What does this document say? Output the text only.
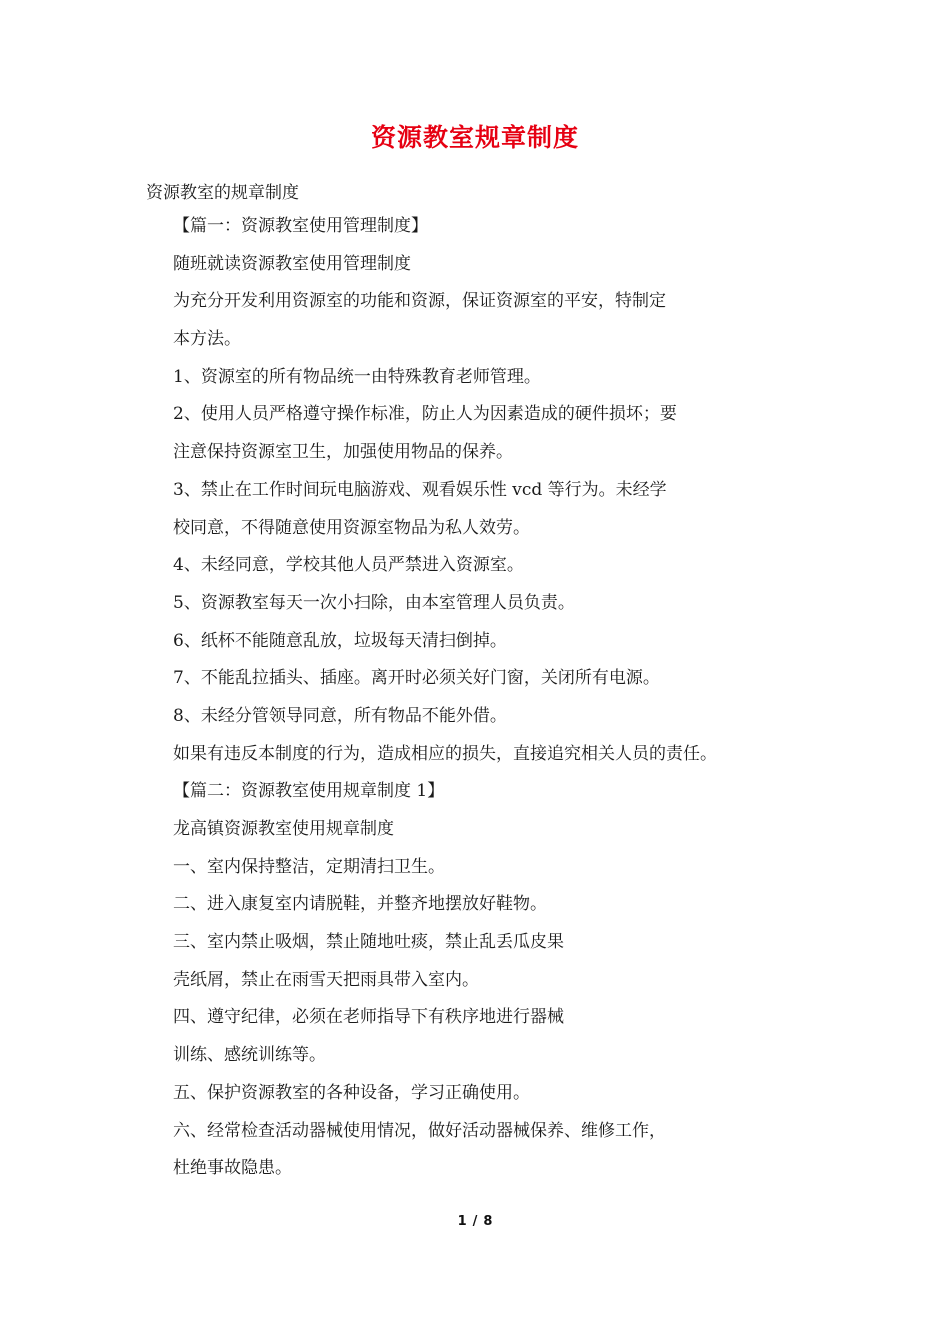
资源教室规章制度

资源教室的规章制度

【篇一：资源教室使用管理制度】
随班就读资源教室使用管理制度
为充分开发利用资源室的功能和资源，保证资源室的平安，特制定
本方法。
1、资源室的所有物品统一由特殊教育老师管理。
2、使用人员严格遵守操作标准，防止人为因素造成的硬件损坏；要
注意保持资源室卫生，加强使用物品的保养。
3、禁止在工作时间玩电脑游戏、观看娱乐性 vcd 等行为。未经学
校同意，不得随意使用资源室物品为私人效劳。
4、未经同意，学校其他人员严禁进入资源室。
5、资源教室每天一次小扫除，由本室管理人员负责。
6、纸杯不能随意乱放，垃圾每天清扫倒掉。
7、不能乱拉插头、插座。离开时必须关好门窗，关闭所有电源。
8、未经分管领导同意，所有物品不能外借。
如果有违反本制度的行为，造成相应的损失，直接追究相关人员的责任。
【篇二：资源教室使用规章制度 1】
龙高镇资源教室使用规章制度
一、室内保持整洁，定期清扫卫生。
二、进入康复室内请脱鞋，并整齐地摆放好鞋物。
三、室内禁止吸烟，禁止随地吐痰，禁止乱丢瓜皮果
壳纸屑，禁止在雨雪天把雨具带入室内。
四、遵守纪律，必须在老师指导下有秩序地进行器械
训练、感统训练等。
五、保护资源教室的各种设备，学习正确使用。
六、经常检查活动器械使用情况，做好活动器械保养、维修工作，
杜绝事故隐患。
1 / 8
